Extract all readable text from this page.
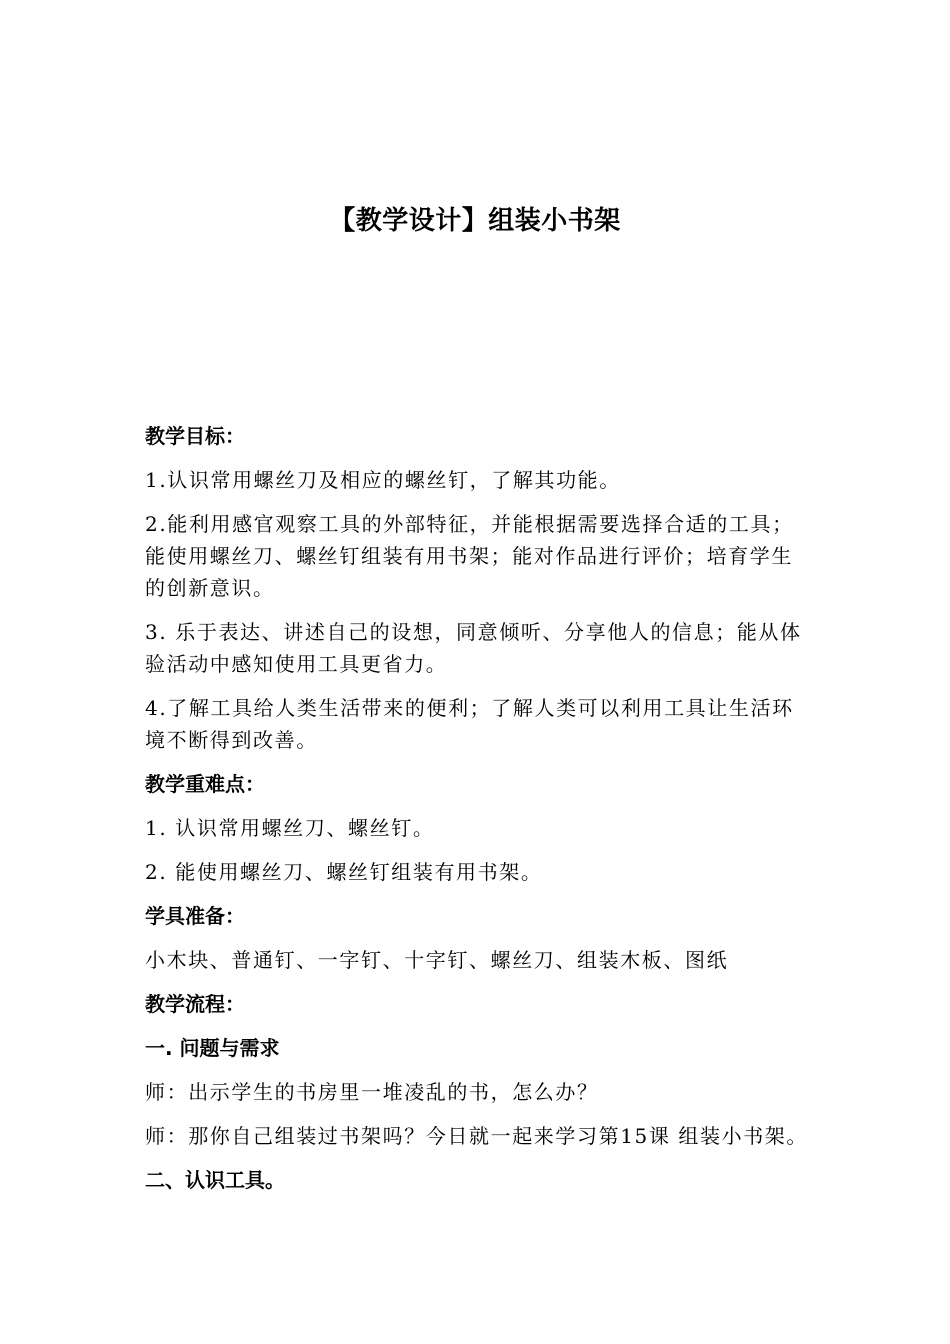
【教学设计】组装小书架

教学目标：

1.认识常用螺丝刀及相应的螺丝钉，了解其功能。

2.能利用感官观察工具的外部特征，并能根据需要选择合适的工具；能使用螺丝刀、螺丝钉组装有用书架；能对作品进行评价；培育学生的创新意识。

3. 乐于表达、讲述自己的设想，同意倾听、分享他人的信息；能从体验活动中感知使用工具更省力。

4.了解工具给人类生活带来的便利；了解人类可以利用工具让生活环境不断得到改善。

教学重难点：

1. 认识常用螺丝刀、螺丝钉。

2. 能使用螺丝刀、螺丝钉组装有用书架。

学具准备：

小木块、普通钉、一字钉、十字钉、螺丝刀、组装木板、图纸

教学流程：

一. 问题与需求

师：出示学生的书房里一堆凌乱的书，怎么办？

师：那你自己组装过书架吗？今日就一起来学习第15课 组装小书架。

二、认识工具。
